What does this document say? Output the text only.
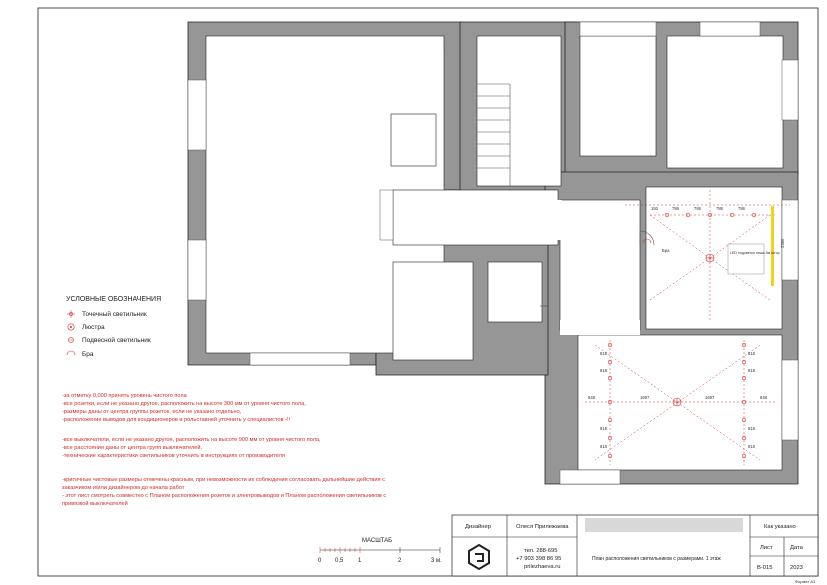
193	786	786	786	786
2380
Бра	LED подсветка ниша 5м штор
848	1697	1697	848
818
818
818
818
818
818
818
818
УСЛОВНЫЕ ОБОЗНАЧЕНИЯ
Точечный светильник
Люстра
Подвесной светильник
Бра
-за отметку 0,000 принять уровень чистого пола
-все розетки, если не указано другое, расположить на высоте 300 мм от уровня чистого пола,
-размеры даны от центра группы розеток, если не указано отдельно,
-расположение выводов для кондиционеров и рольставней уточнить у специалистов -!!
-все выключатели, если не указано другое, расположить на высоте 900 мм от уровня чистого пола,
-все расстояния даны от центра групп выключателей,
-технические характеристики светильников уточнить в инструкциях от производителя
-критичные чистовые размеры отмечены красным, при невозможности их соблюдения согласовать дальнейшие действия с
заказчиком и/или дизайнером до начала работ
- этот лист смотреть совместно с Планом расположения розеток и электровыводов и Планом расположения светильников с
привязкой выключателей
МАСШТАБ
0 0,5 1	2	3 м.
Дизайнер	Олеся Прилежаева
тел. 288-695
+7 903 398 86 95
prilezhaeva.ru
План расположения светильников с размерами. 1 этаж
Как указано
Лист	Дата
В-015	2023
Формат А3
